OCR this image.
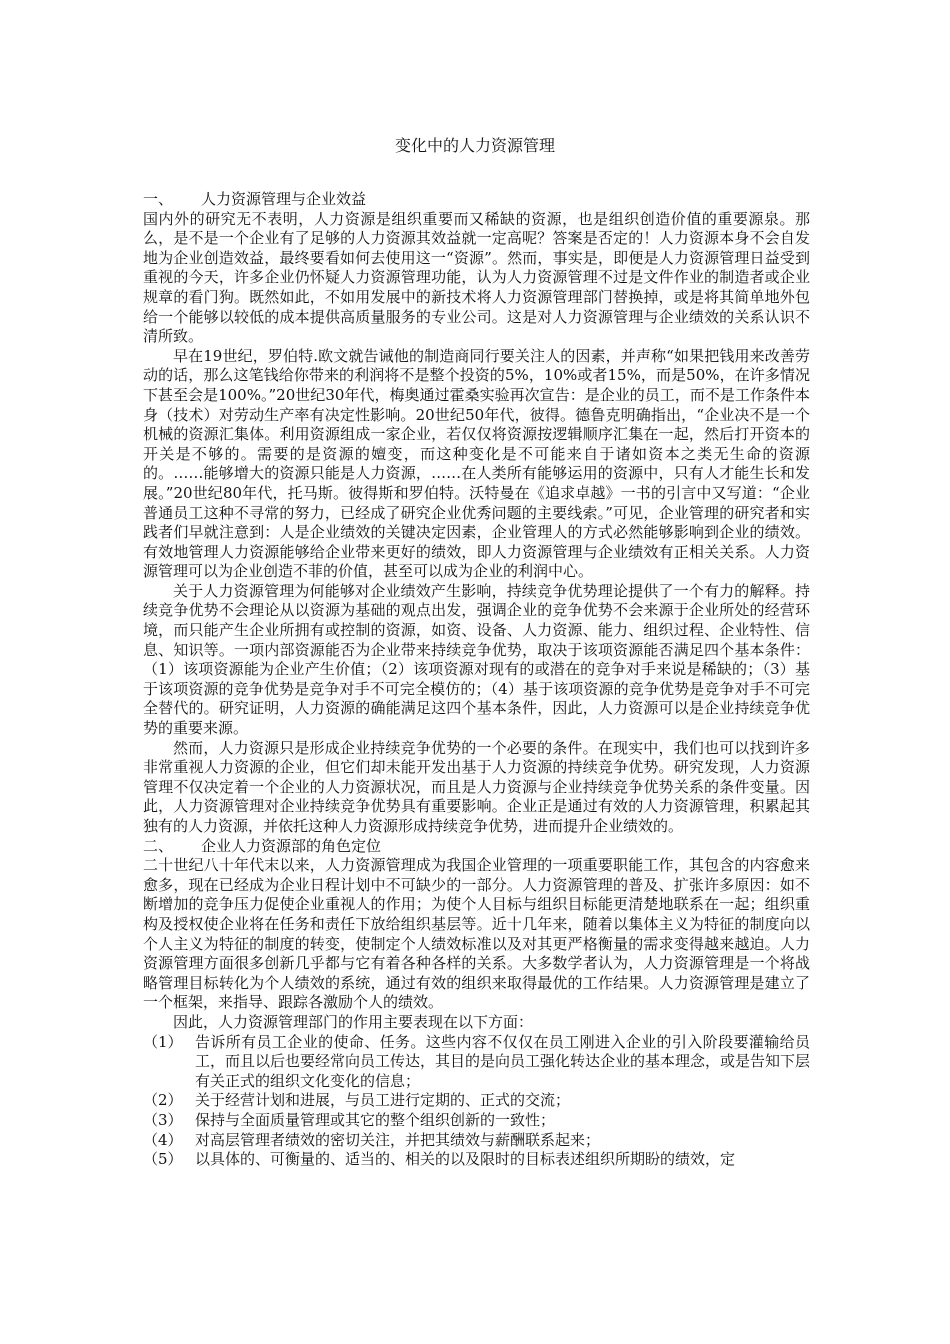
变化中的人力资源管理
一、	人力资源管理与企业效益

国内外的研究无不表明，人力资源是组织重要而又稀缺的资源，也是组织创造价值的重要源泉。那么，是不是一个企业有了足够的人力资源其效益就一定高呢？答案是否定的！人力资源本身不会自发地为企业创造效益，最终要看如何去使用这一“资源”。然而，事实是，即便是人力资源管理日益受到重视的今天，许多企业仍怀疑人力资源管理功能，认为人力资源管理不过是文件作业的制造者或企业规章的看门狗。既然如此，不如用发展中的新技术将人力资源管理部门替换掉，或是将其简单地外包给一个能够以较低的成本提供高质量服务的专业公司。这是对人力资源管理与企业绩效的关系认识不清所致。

早在19世纪，罗伯特.欧文就告诫他的制造商同行要关注人的因素，并声称“如果把钱用来改善劳动的话，那么这笔钱给你带来的利润将不是整个投资的5%，10%或者15%，而是50%，在许多情况下甚至会是100%。”20世纪30年代，梅奥通过霍桑实验再次宣告：是企业的员工，而不是工作条件本身（技术）对劳动生产率有决定性影响。20世纪50年代，彼得。德鲁克明确指出，“企业决不是一个机械的资源汇集体。利用资源组成一家企业，若仅仅将资源按逻辑顺序汇集在一起，然后打开资本的开关是不够的。需要的是资源的嬗变，而这种变化是不可能来自于诸如资本之类无生命的资源的。……能够增大的资源只能是人力资源，……在人类所有能够运用的资源中，只有人才能生长和发展。”20世纪80年代，托马斯。彼得斯和罗伯特。沃特曼在《追求卓越》一书的引言中又写道：“企业普通员工这种不寻常的努力，已经成了研究企业优秀问题的主要线索。”可见，企业管理的研究者和实践者们早就注意到：人是企业绩效的关键决定因素，企业管理人的方式必然能够影响到企业的绩效。有效地管理人力资源能够给企业带来更好的绩效，即人力资源管理与企业绩效有正相关关系。人力资源管理可以为企业创造不菲的价值，甚至可以成为企业的利润中心。

关于人力资源管理为何能够对企业绩效产生影响，持续竞争优势理论提供了一个有力的解释。持续竞争优势不会理论从以资源为基础的观点出发，强调企业的竞争优势不会来源于企业所处的经营环境，而只能产生企业所拥有或控制的资源，如资、设备、人力资源、能力、组织过程、企业特性、信息、知识等。一项内部资源能否为企业带来持续竞争优势，取决于该项资源能否满足四个基本条件：（1）该项资源能为企业产生价值；（2）该项资源对现有的或潜在的竞争对手来说是稀缺的；（3）基于该项资源的竞争优势是竞争对手不可完全模仿的；（4）基于该项资源的竞争优势是竞争对手不可完全替代的。研究证明，人力资源的确能满足这四个基本条件，因此，人力资源可以是企业持续竞争优势的重要来源。

然而，人力资源只是形成企业持续竞争优势的一个必要的条件。在现实中，我们也可以找到许多非常重视人力资源的企业，但它们却未能开发出基于人力资源的持续竞争优势。研究发现，人力资源管理不仅决定着一个企业的人力资源状况，而且是人力资源与企业持续竞争优势关系的条件变量。因此，人力资源管理对企业持续竞争优势具有重要影响。企业正是通过有效的人力资源管理，积累起其独有的人力资源，并依托这种人力资源形成持续竞争优势，进而提升企业绩效的。

二、	企业人力资源部的角色定位

二十世纪八十年代末以来，人力资源管理成为我国企业管理的一项重要职能工作，其包含的内容愈来愈多，现在已经成为企业日程计划中不可缺少的一部分。人力资源管理的普及、扩张许多原因：如不断增加的竞争压力促使企业重视人的作用；为使个人目标与组织目标能更清楚地联系在一起；组织重构及授权使企业将在任务和责任下放给组织基层等。近十几年来，随着以集体主义为特征的制度向以个人主义为特征的制度的转变，使制定个人绩效标准以及对其更严格衡量的需求变得越来越迫。人力资源管理方面很多创新几乎都与它有着各种各样的关系。大多数学者认为，人力资源管理是一个将战略管理目标转化为个人绩效的系统，通过有效的组织来取得最优的工作结果。人力资源管理是建立了一个框架，来指导、跟踪各激励个人的绩效。

因此，人力资源管理部门的作用主要表现在以下方面：

（1） 告诉所有员工企业的使命、任务。这些内容不仅仅在员工刚进入企业的引入阶段要灌输给员工，而且以后也要经常向员工传达，其目的是向员工强化转达企业的基本理念，或是告知下层有关正式的组织文化变化的信息；
（2） 关于经营计划和进展，与员工进行定期的、正式的交流；
（3） 保持与全面质量管理或其它的整个组织创新的一致性；
（4） 对高层管理者绩效的密切关注，并把其绩效与薪酬联系起来；
（5） 以具体的、可衡量的、适当的、相关的以及限时的目标表述组织所期盼的绩效，定
